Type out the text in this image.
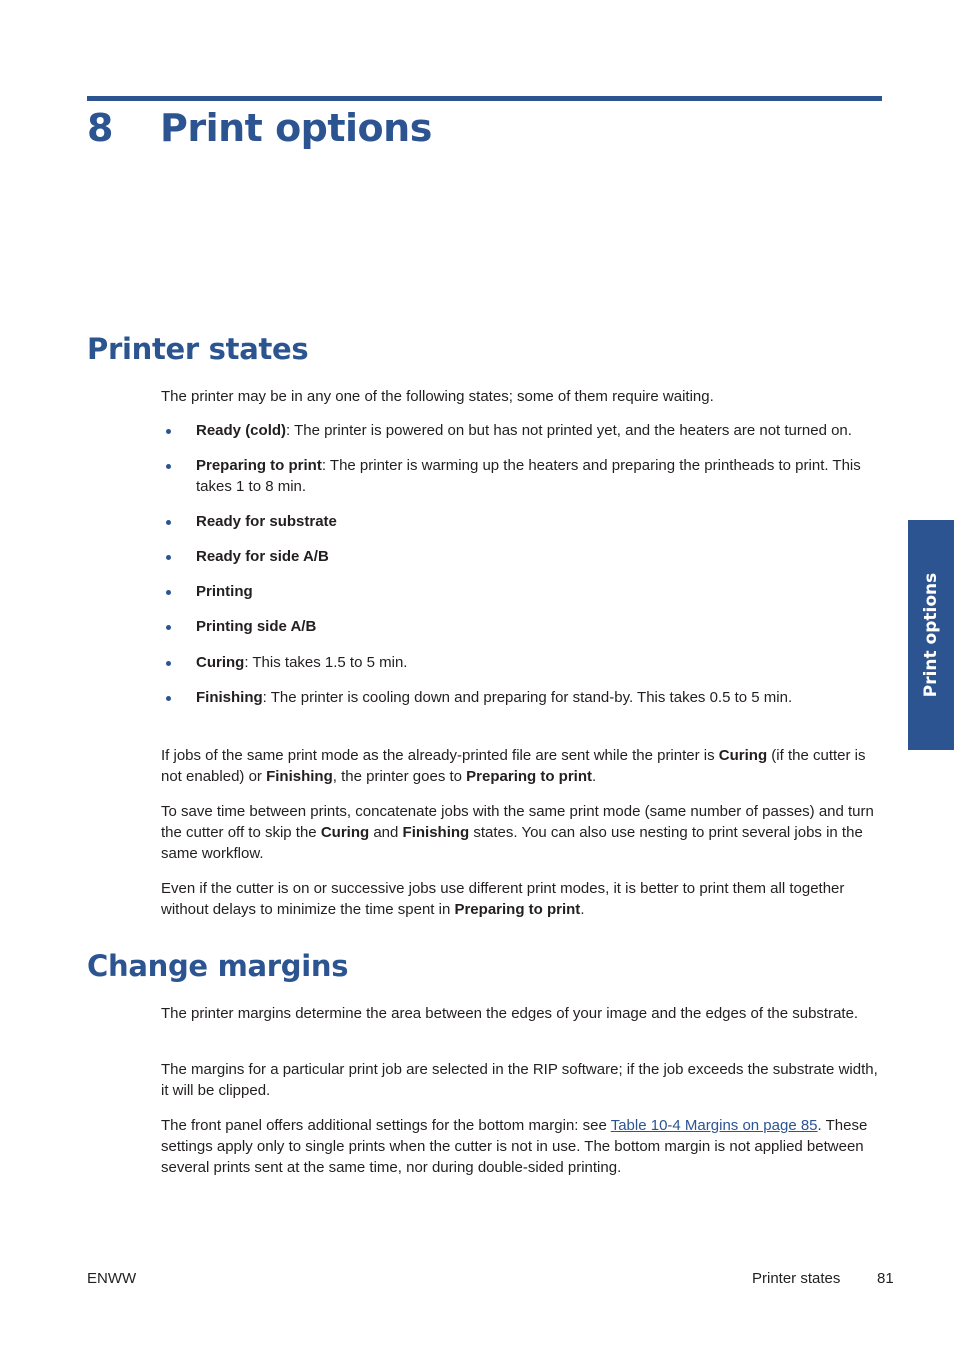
8 Print options
Print options
Printer states

The printer may be in any one of the following states; some of them require waiting.

Ready (cold): The printer is powered on but has not printed yet, and the heaters are not turned on.
Preparing to print: The printer is warming up the heaters and preparing the printheads to print. This takes 1 to 8 min.
Ready for substrate
Ready for side A/B
Printing
Printing side A/B
Curing: This takes 1.5 to 5 min.
Finishing: The printer is cooling down and preparing for stand-by. This takes 0.5 to 5 min.

If jobs of the same print mode as the already-printed file are sent while the printer is Curing (if the cutter is not enabled) or Finishing, the printer goes to Preparing to print.

To save time between prints, concatenate jobs with the same print mode (same number of passes) and turn the cutter off to skip the Curing and Finishing states. You can also use nesting to print several jobs in the same workflow.

Even if the cutter is on or successive jobs use different print modes, it is better to print them all together without delays to minimize the time spent in Preparing to print.

Change margins

The printer margins determine the area between the edges of your image and the edges of the substrate.

The margins for a particular print job are selected in the RIP software; if the job exceeds the substrate width, it will be clipped.

The front panel offers additional settings for the bottom margin: see Table 10-4 Margins on page 85. These settings apply only to single prints when the cutter is not in use. The bottom margin is not applied between several prints sent at the same time, nor during double-sided printing.

ENWW	Printer states 81
